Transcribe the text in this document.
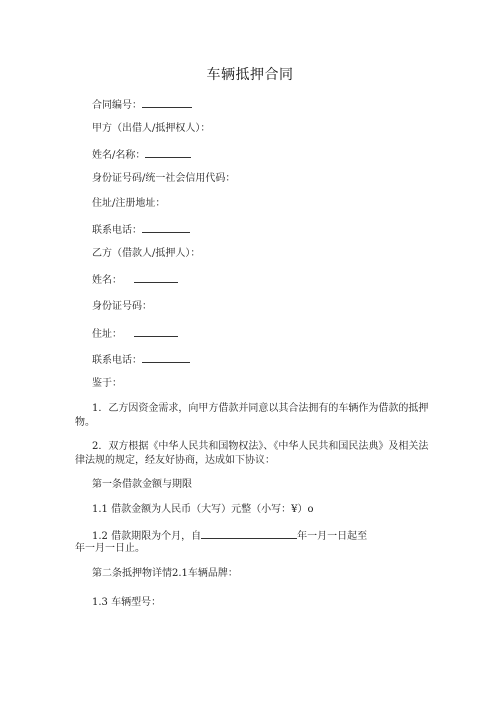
车辆抵押合同
合同编号：
甲方（出借人/抵押权人）：
姓名/名称：
身份证号码/统一社会信用代码：
住址/注册地址：
联系电话：
乙方（借款人/抵押人）：
姓名：
身份证号码：
住址：
联系电话：
鉴于：
1．乙方因资金需求，向甲方借款并同意以其合法拥有的车辆作为借款的抵押物。
2．双方根据《中华人民共和国物权法》、《中华人民共和国民法典》及相关法律法规的规定，经友好协商，达成如下协议：
第一条借款金额与期限
1.1 借款金额为人民币（大写）元整（小写：¥）o
1.2 借款期限为个月，自	年一月一日起至
年一月一日止。
第二条抵押物详情2.1车辆品牌：
1.3 车辆型号：
